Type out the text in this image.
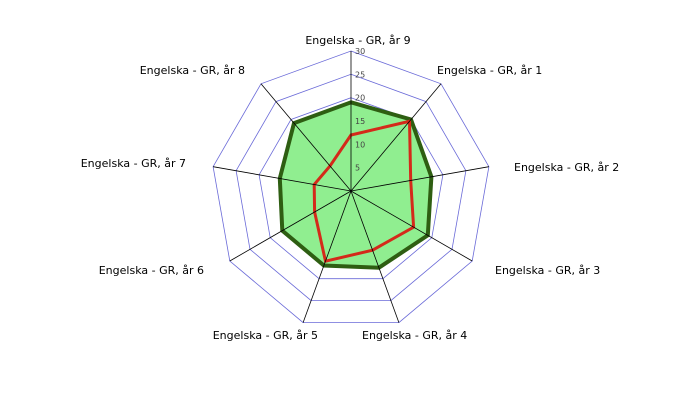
5
10
15
20
25
30
Engelska - GR, år 9
Engelska - GR, år 1
Engelska - GR, år 2
Engelska - GR, år 3
Engelska - GR, år 4
Engelska - GR, år 5
Engelska - GR, år 6
Engelska - GR, år 7
Engelska - GR, år 8
